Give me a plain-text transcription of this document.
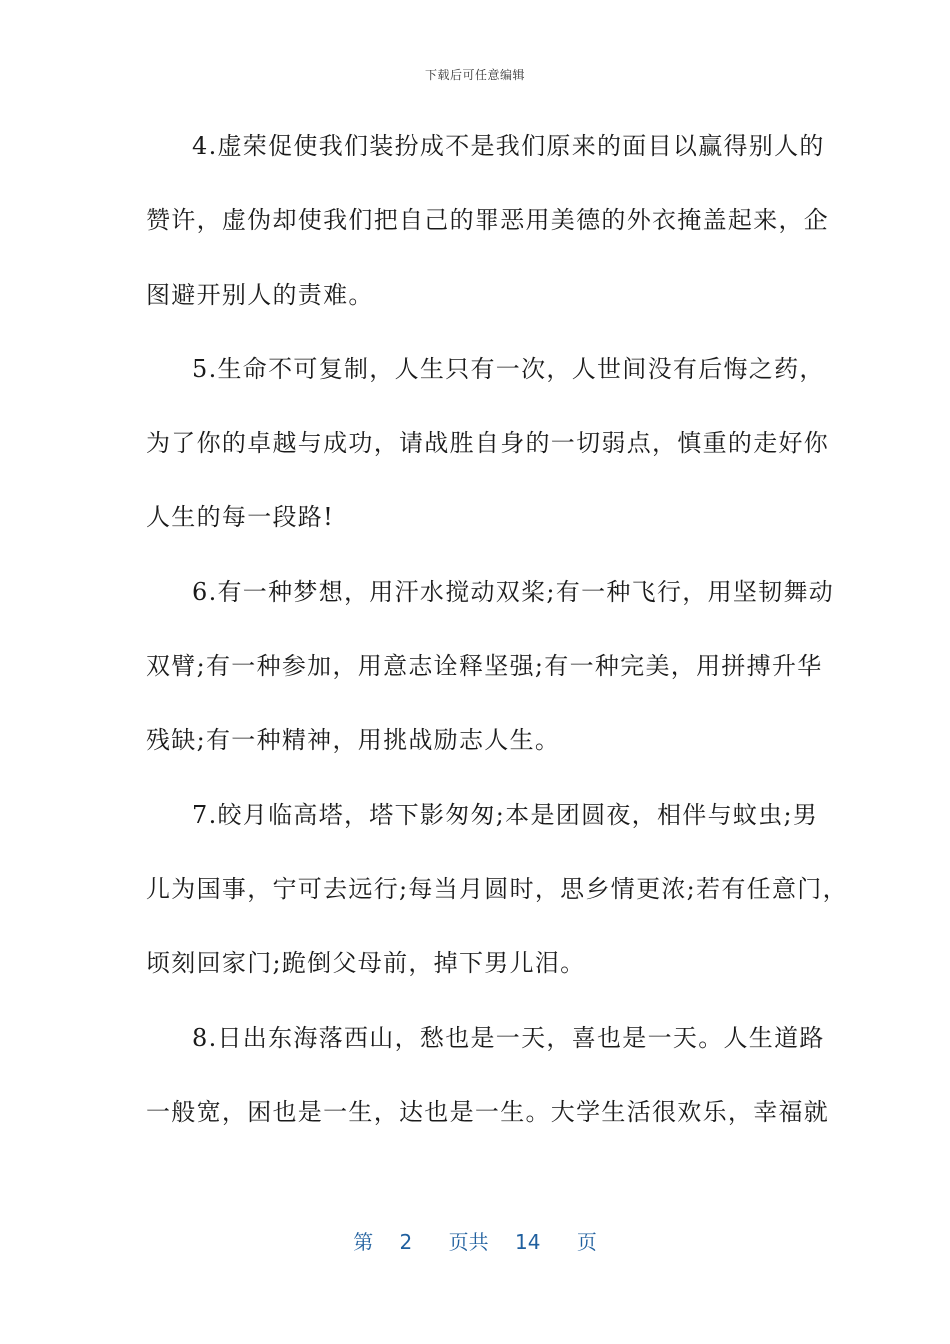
下载后可任意编辑
4.虚荣促使我们装扮成不是我们原来的面目以赢得别人的
赞许，虚伪却使我们把自己的罪恶用美德的外衣掩盖起来，企
图避开别人的责难。
5.生命不可复制，人生只有一次，人世间没有后悔之药，
为了你的卓越与成功，请战胜自身的一切弱点，慎重的走好你
人生的每一段路!
6.有一种梦想，用汗水搅动双桨;有一种飞行，用坚韧舞动
双臂;有一种参加，用意志诠释坚强;有一种完美，用拼搏升华
残缺;有一种精神，用挑战励志人生。
7.皎月临高塔，塔下影匆匆;本是团圆夜，相伴与蚊虫;男
儿为国事，宁可去远行;每当月圆时，思乡情更浓;若有任意门，
顷刻回家门;跪倒父母前，掉下男儿泪。
8.日出东海落西山，愁也是一天，喜也是一天。人生道路
一般宽，困也是一生，达也是一生。大学生活很欢乐，幸福就
第 2 页共 14 页
